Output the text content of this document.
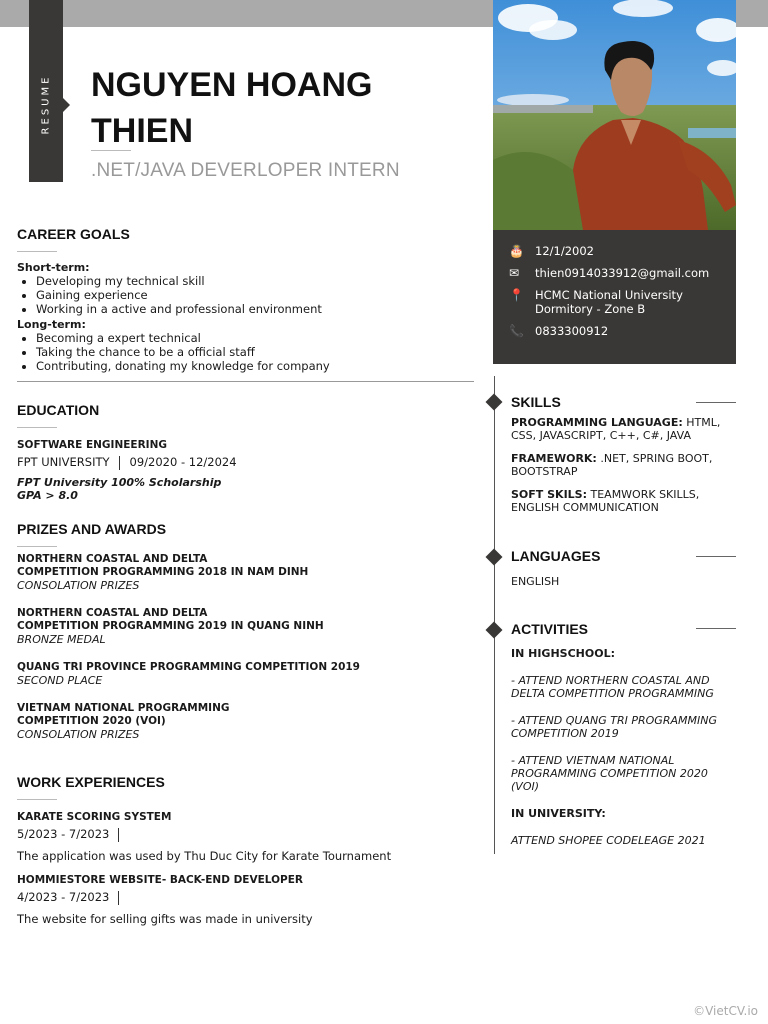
RESUME NGUYEN HOANG
THIEN
.NET/JAVA DEVERLOPER INTERN
🎂 12/1/2002
✉	thien0914033912@gmail.com
📍 HCMC National University
Dormitory - Zone B
📞 0833300912
CAREER GOALS
Short-term:
• Developing my technical skill
• Gaining experience
• Working in a active and professional environment
Long-term:
• Becoming a expert technical
• Taking the chance to be a official staff
• Contributing, donating my knowledge for company
EDUCATION
SOFTWARE ENGINEERING
FPT UNIVERSITY 09/2020 - 12/2024
FPT University 100% Scholarship
GPA > 8.0
PRIZES AND AWARDS
NORTHERN COASTAL AND DELTA
COMPETITION PROGRAMMING 2018 IN NAM DINH
CONSOLATION PRIZES
NORTHERN COASTAL AND DELTA
COMPETITION PROGRAMMING 2019 IN QUANG NINH
BRONZE MEDAL
QUANG TRI PROVINCE PROGRAMMING COMPETITION 2019
SECOND PLACE
VIETNAM NATIONAL PROGRAMMING
COMPETITION 2020 (VOI)
CONSOLATION PRIZES
WORK EXPERIENCES
KARATE SCORING SYSTEM
5/2023 - 7/2023
The application was used by Thu Duc City for Karate Tournament
HOMMIESTORE WEBSITE- BACK-END DEVELOPER
4/2023 - 7/2023
The website for selling gifts was made in university
SKILLS

PROGRAMMING LANGUAGE: HTML, CSS, JAVASCRIPT, C++, C#, JAVA

FRAMEWORK: .NET, SPRING BOOT, BOOTSTRAP

SOFT SKILS: TEAMWORK SKILLS, ENGLISH COMMUNICATION

LANGUAGES
ENGLISH
ACTIVITIES

IN HIGHSCHOOL:

- ATTEND NORTHERN COASTAL AND DELTA COMPETITION PROGRAMMING

- ATTEND QUANG TRI PROGRAMMING COMPETITION 2019

- ATTEND VIETNAM NATIONAL PROGRAMMING COMPETITION 2020 (VOI)

IN UNIVERSITY:

ATTEND SHOPEE CODELEAGE 2021

©VietCV.io
